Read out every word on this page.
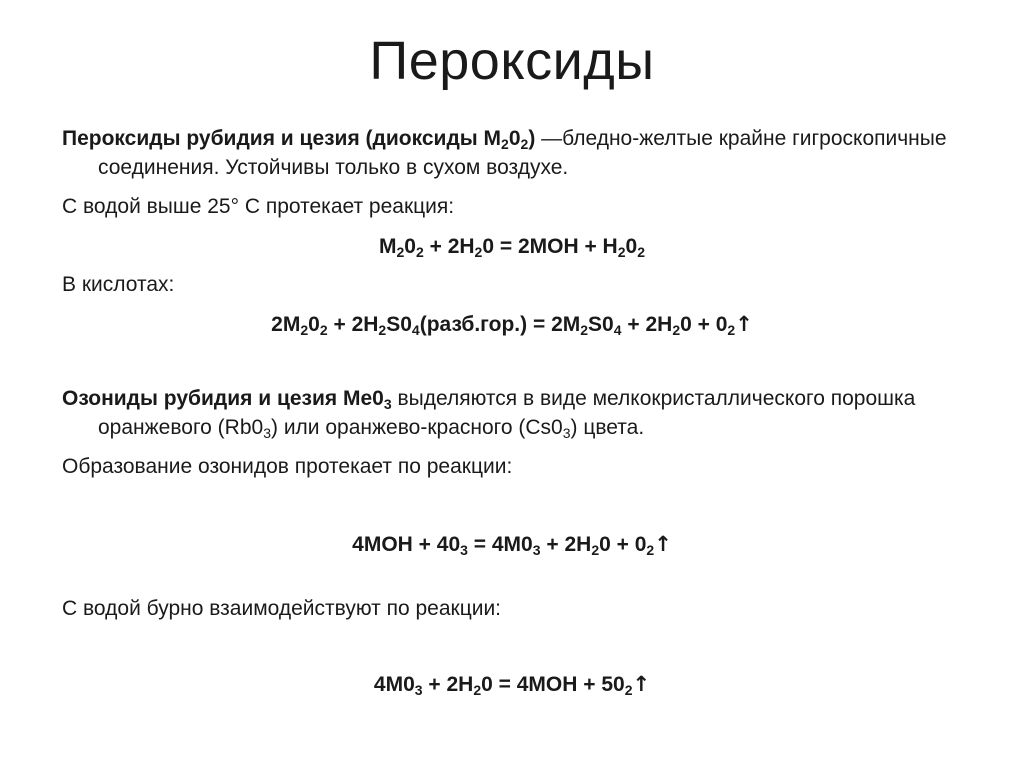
Пероксиды
Пероксиды рубидия и цезия (диоксиды $М_20_2$) —бледно-желтые крайне гигроскопичные соединения. Устойчивы только в сухом воздухе.
С водой выше 25° С протекает реакция:
$M_20_2 + 2H_20 = 2MOH + H_20_2$
В кислотах:
$2M_20_2$ + $2H_2S0_4(разб.гор.) = 2M_2S0_4 + 2H_20$ + $0_2↑$
Озониды рубидия и цезия $Ме0_3$ выделяются в виде мелкокристаллического порошка оранжевого $(Rb0_3)$ или оранжево-красного $(Cs0_3)$ цвета.
Образование озонидов протекает по реакции:
$4MOH + 40_3 = 4M0_3 + 2H_20$ + $0_2↑$
С водой бурно взаимодействуют по реакции:
$4M0_3 + 2H_20 = 4MOH$ + $50_2↑$
